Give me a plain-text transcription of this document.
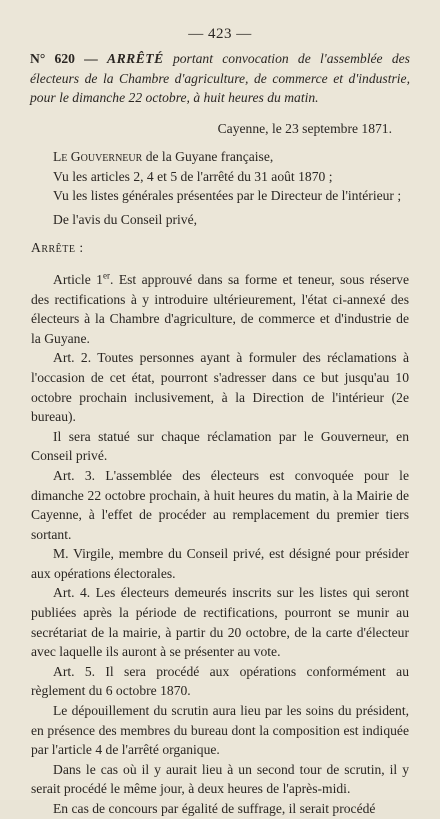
— 423 —
N° 620 — ARRÊTÉ portant convocation de l'assemblée des électeurs de la Chambre d'agriculture, de commerce et d'industrie, pour le dimanche 22 octobre, à huit heures du matin.
Cayenne, le 23 septembre 1871.

Le Gouverneur de la Guyane française,

Vu les articles 2, 4 et 5 de l'arrêté du 31 août 1870 ;

Vu les listes générales présentées par le Directeur de l'intérieur ;

De l'avis du Conseil privé,

Arrête :

Article 1er. Est approuvé dans sa forme et teneur, sous réserve des rectifications à y introduire ultérieurement, l'état ci-annexé des électeurs à la Chambre d'agriculture, de commerce et d'industrie de la Guyane.

Art. 2. Toutes personnes ayant à formuler des réclamations à l'occasion de cet état, pourront s'adresser dans ce but jusqu'au 10 octobre prochain inclusivement, à la Direction de l'intérieur (2e bureau).

Il sera statué sur chaque réclamation par le Gouverneur, en Conseil privé.

Art. 3. L'assemblée des électeurs est convoquée pour le dimanche 22 octobre prochain, à huit heures du matin, à la Mairie de Cayenne, à l'effet de procéder au remplacement du premier tiers sortant.

M. Virgile, membre du Conseil privé, est désigné pour présider aux opérations électorales.

Art. 4. Les électeurs demeurés inscrits sur les listes qui seront publiées après la période de rectifications, pourront se munir au secrétariat de la mairie, à partir du 20 octobre, de la carte d'électeur avec laquelle ils auront à se présenter au vote.

Art. 5. Il sera procédé aux opérations conformément au règlement du 6 octobre 1870.

Le dépouillement du scrutin aura lieu par les soins du président, en présence des membres du bureau dont la composition est indiquée par l'article 4 de l'arrêté organique.

Dans le cas où il y aurait lieu à un second tour de scrutin, il y serait procédé le même jour, à deux heures de l'après-midi.

En cas de concours par égalité de suffrage, il serait procédé
